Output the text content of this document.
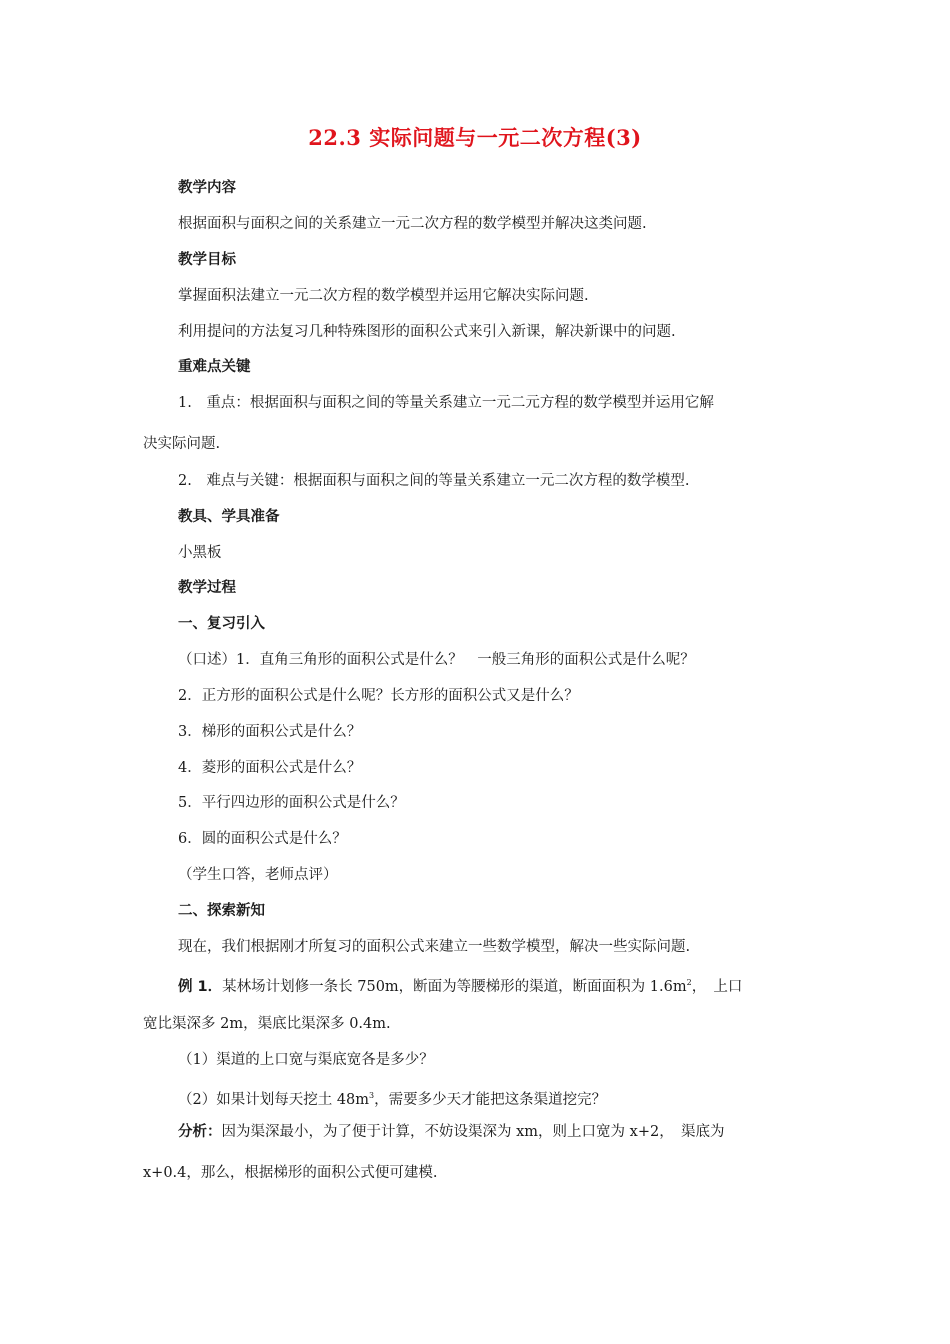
22.3 实际问题与一元二次方程(3)
教学内容
根据面积与面积之间的关系建立一元二次方程的数学模型并解决这类问题.
教学目标
掌握面积法建立一元二次方程的数学模型并运用它解决实际问题.
利用提问的方法复习几种特殊图形的面积公式来引入新课，解决新课中的问题.
重难点关键
1.　重点：根据面积与面积之间的等量关系建立一元二元方程的数学模型并运用它解
决实际问题.
2.　难点与关键：根据面积与面积之间的等量关系建立一元二次方程的数学模型.
教具、学具准备
小黑板
教学过程
一、复习引入
（口述）1．直角三角形的面积公式是什么？　一般三角形的面积公式是什么呢？
2．正方形的面积公式是什么呢？长方形的面积公式又是什么？
3．梯形的面积公式是什么？
4．菱形的面积公式是什么？
5．平行四边形的面积公式是什么？
6．圆的面积公式是什么？
（学生口答，老师点评）
二、探索新知
现在，我们根据刚才所复习的面积公式来建立一些数学模型，解决一些实际问题.
例 1．某林场计划修一条长 750m，断面为等腰梯形的渠道，断面面积为 $1.6m^2$，　上口
宽比渠深多 2m，渠底比渠深多 0.4m.
（1）渠道的上口宽与渠底宽各是多少？
（2）如果计划每天挖土 $48m^3$，需要多少天才能把这条渠道挖完？
分析：因为渠深最小，为了便于计算，不妨设渠深为 xm，则上口宽为 x+2，　渠底为
x+0.4，那么，根据梯形的面积公式便可建模.
